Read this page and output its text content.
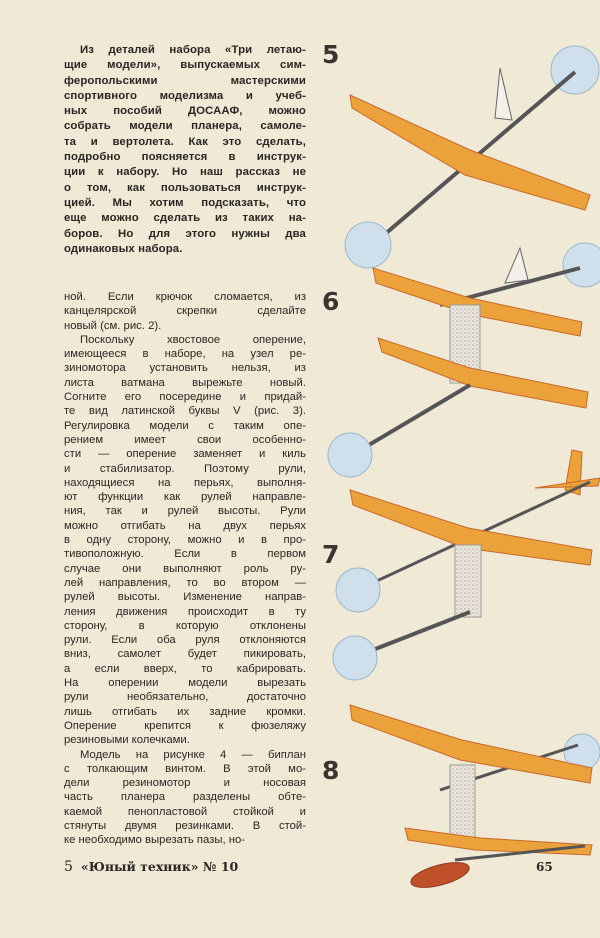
Из деталей набора «Три летаю-
щие модели», выпускаемых сим-
феропольскими мастерскими
спортивного моделизма и учеб-
ных пособий ДОСААФ, можно
собрать модели планера, самоле-
та и вертолета. Как это сделать,
подробно поясняется в инструк-
ции к набору. Но наш рассказ не
о том, как пользоваться инструк-
цией. Мы хотим подсказать, что
еще можно сделать из таких на-
боров. Но для этого нужны два
одинаковых набора.
ной. Если крючок сломается, из
канцелярской скрепки сделайте
новый (см. рис. 2).
Поскольку хвостовое оперение,
имеющееся в наборе, на узел ре-
зиномотора установить нельзя, из
листа ватмана вырежьте новый.
Согните его посередине и придай-
те вид латинской буквы V (рис. 3).
Регулировка модели с таким опе-
рением имеет свои особенно-
сти — оперение заменяет и киль
и стабилизатор. Поэтому рули,
находящиеся на перьях, выполня-
ют функции как рулей направле-
ния, так и рулей высоты. Рули
можно отгибать на двух перьях
в одну сторону, можно и в про-
тивоположную. Если в первом
случае они выполняют роль ру-
лей направления, то во втором —
рулей высоты. Изменение направ-
ления движения происходит в ту
сторону, в которую отклонены
рули. Если оба руля отклоняются
вниз, самолет будет пикировать,
а если вверх, то кабрировать.
На оперении модели вырезать
рули необязательно, достаточно
лишь отгибать их задние кромки.
Оперение крепится к фюзеляжу
резиновыми колечками.
Модель на рисунке 4 — биплан
с толкающим винтом. В этой мо-
дели резиномотор и носовая
часть планера разделены обте-
каемой пенопластовой стойкой и
стянуты двумя резинками. В стой-
ке необходимо вырезать пазы, но-
5
6
7
8
5 «Юный техник» № 10	65
